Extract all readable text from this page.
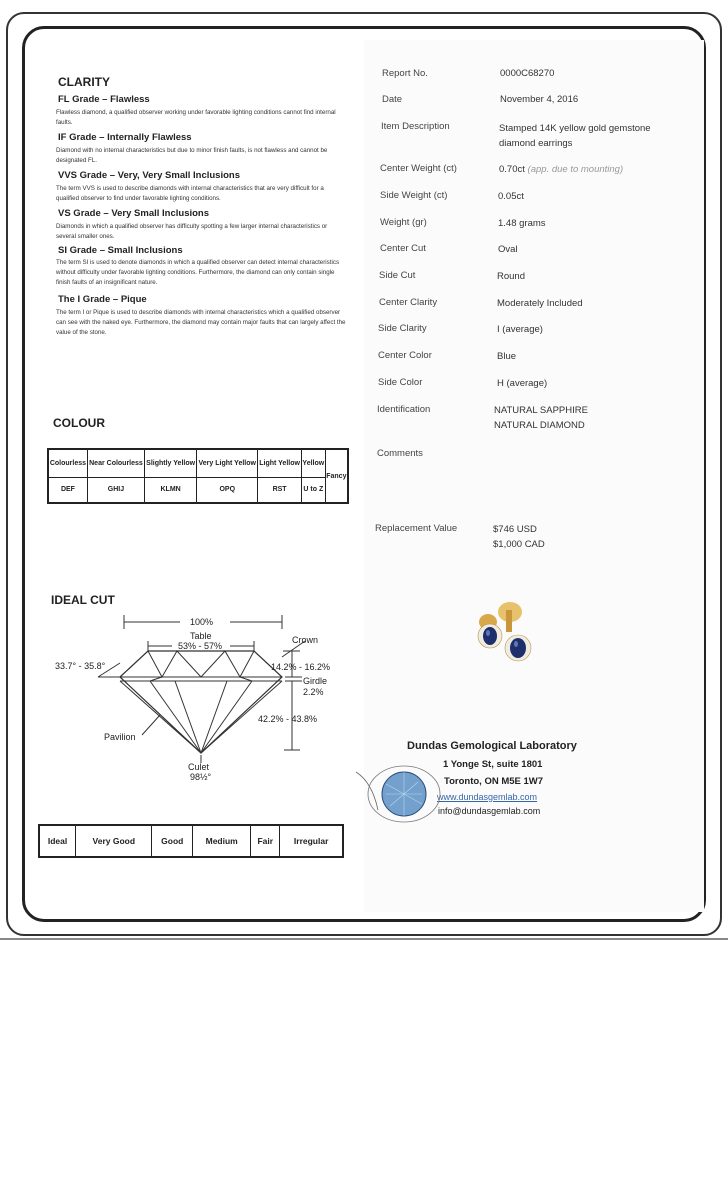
CLARITY
FL Grade – Flawless
Flawless diamond, a qualified observer working under favorable lighting conditions cannot find internal faults.
IF Grade – Internally Flawless
Diamond with no internal characteristics but due to minor finish faults, is not flawless and cannot be designated FL.
VVS Grade – Very, Very Small Inclusions
The term VVS is used to describe diamonds with internal characteristics that are very difficult for a qualified observer to find under favorable lighting conditions.
VS Grade – Very Small Inclusions
Diamonds in which a qualified observer has difficulty spotting a few larger internal characteristics or several smaller ones.
SI Grade – Small Inclusions
The term SI is used to denote diamonds in which a qualified observer can detect internal characteristics without difficulty under favorable lighting conditions. Furthermore, the diamond can only contain single finish faults of an insignificant nature.
The I Grade – Pique
The term I or Pique is used to describe diamonds with internal characteristics which a qualified observer can see with the naked eye. Furthermore, the diamond may contain major faults that can largely affect the value of the stone.
COLOUR
Colourless	Near Colourless	Slightly Yellow	Very Light Yellow	Light Yellow	Yellow	Fancy
DEF	GHIJ	KLMN	OPQ	RST	U to Z	
IDEAL CUT
100%
Table
53% - 57%
Crown
33.7° - 35.8°	14.2% - 16.2%
Girdle
2.2%
42.2% - 43.8%
Pavilion
Culet
98½°
Ideal	Very Good	Good	Medium	Fair	Irregular
Report No.	0000C68270
Date	November 4, 2016
Item Description	Stamped 14K yellow gold gemstone diamond earrings
Center Weight (ct)	0.70ct (app. due to mounting)
Side Weight (ct)	0.05ct
Weight (gr)	1.48 grams
Center Cut	Oval
Side Cut	Round
Center Clarity	Moderately Included
Side Clarity	I (average)
Center Color	Blue
Side Color	H (average)
Identification	NATURAL SAPPHIRE
NATURAL DIAMOND
Comments
Replacement Value	$746 USD
$1,000 CAD
Dundas Gemological Laboratory
1 Yonge St, suite 1801
Toronto, ON M5E 1W7
www.dundasgemlab.com
info@dundasgemlab.com
